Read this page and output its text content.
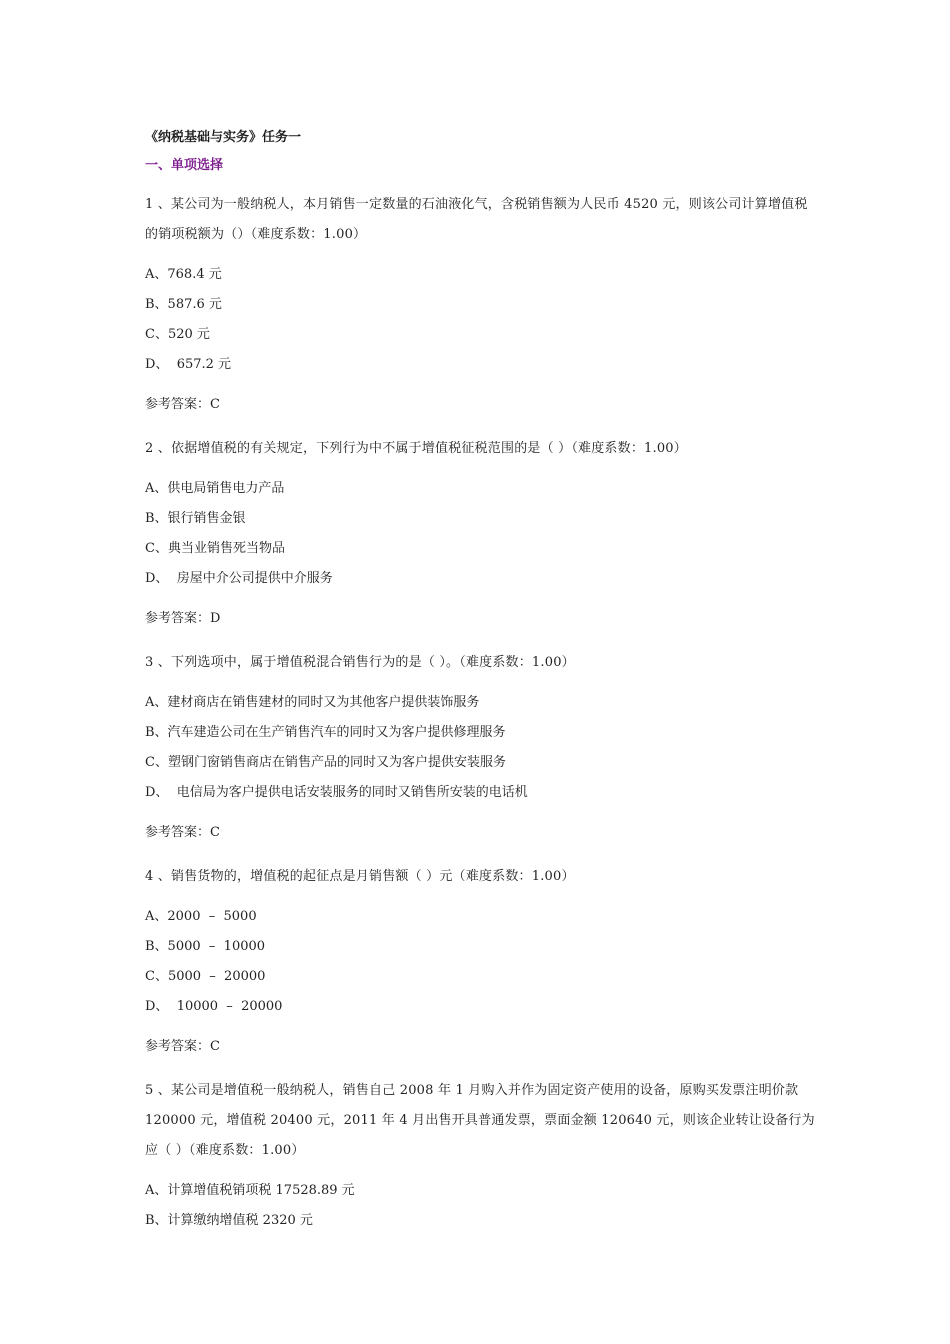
《纳税基础与实务》任务一

一、单项选择

1 、某公司为一般纳税人，本月销售一定数量的石油液化气，含税销售额为人民币 4520 元，则该公司计算增值税的销项税额为（）（难度系数：1.00）

A、768.4 元
B、587.6 元
C、520 元
D、  657.2 元

参考答案：C

2 、依据增值税的有关规定，下列行为中不属于增值税征税范围的是（ ）（难度系数：1.00）

A、供电局销售电力产品
B、银行销售金银
C、典当业销售死当物品
D、  房屋中介公司提供中介服务

参考答案：D

3 、下列选项中，属于增值税混合销售行为的是（ ）。（难度系数：1.00）

A、建材商店在销售建材的同时又为其他客户提供装饰服务
B、汽车建造公司在生产销售汽车的同时又为客户提供修理服务
C、塑钢门窗销售商店在销售产品的同时又为客户提供安装服务
D、  电信局为客户提供电话安装服务的同时又销售所安装的电话机

参考答案：C

4 、销售货物的，增值税的起征点是月销售额（ ）元（难度系数：1.00）

A、2000  –  5000
B、5000  –  10000
C、5000  –  20000
D、  10000  –  20000

参考答案：C

5 、某公司是增值税一般纳税人，销售自己 2008 年 1 月购入并作为固定资产使用的设备，原购买发票注明价款 120000 元，增值税 20400 元，2011 年 4 月出售开具普通发票，票面金额 120640 元，则该企业转让设备行为应（ ）（难度系数：1.00）

A、计算增值税销项税 17528.89 元
B、计算缴纳增值税 2320 元
